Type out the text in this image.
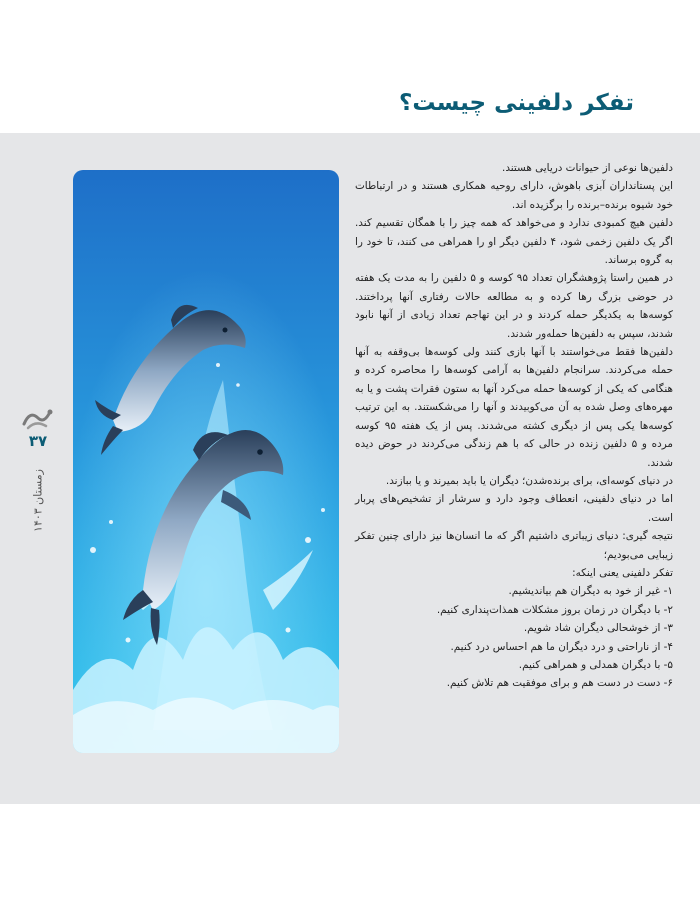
تفکر دلفینی چیست؟
۳۷
زمستان ۱۴۰۳

دلفین‌ها نوعی از حیوانات دریایی هستند.

این پستانداران آبزی باهوش، دارای روحیه همکاری هستند و در ارتباطات خود شیوه برنده–برنده را برگزیده اند.

دلفین هیچ کمبودی ندارد و می‌خواهد که همه چیز را با همگان تقسیم کند. اگر یک دلفین زخمی شود، ۴ دلفین دیگر او را همراهی می کنند، تا خود را به گروه برساند.

در همین راستا پژوهشگران تعداد ۹۵ کوسه و ۵ دلفین را به مدت یک هفته در حوضی بزرگ رها کرده و به مطالعه حالات رفتاری آنها پرداختند. کوسه‌ها به یکدیگر حمله کردند و در این تهاجم تعداد زیادی از آنها نابود شدند، سپس به دلفین‌ها حمله‌ور شدند.

دلفین‌ها فقط می‌خواستند با آنها بازی کنند ولی کوسه‌ها بی‌وقفه به آنها حمله می‌کردند. سرانجام دلفین‌ها به آرامی کوسه‌ها را محاصره کرده و هنگامی که یکی از کوسه‌ها حمله می‌کرد آنها به ستون فقرات پشت و یا به مهره‌های وصل شده به آن می‌کوبیدند و آنها را می‌شکستند. به این ترتیب کوسه‌ها یکی پس از دیگری کشته می‌شدند. پس از یک هفته ۹۵ کوسه مرده و ۵ دلفین زنده در حالی که با هم زندگی می‌کردند در حوض دیده شدند.

در دنیای کوسه‌ای، برای برنده‌شدن؛ دیگران یا باید بمیرند و یا ببازند.

اما در دنیای دلفینی، انعطاف وجود دارد و سرشار از تشخیص‌های پربار است.

نتیجه گیری: دنیای زیباتری داشتیم اگر که ما انسان‌ها نیز دارای چنین تفکر زیبایی می‌بودیم؛

تفکر دلفینی یعنی اینکه:

۱- غیر از خود به دیگران هم بیاندیشیم.
۲- با دیگران در زمان بروز مشکلات همذات‌پنداری کنیم.
۳- از خوشحالی دیگران شاد شویم.
۴- از ناراحتی و درد دیگران ما هم احساس درد کنیم.
۵- با دیگران همدلی و همراهی کنیم.
۶- دست در دست هم و برای موفقیت هم تلاش کنیم.
